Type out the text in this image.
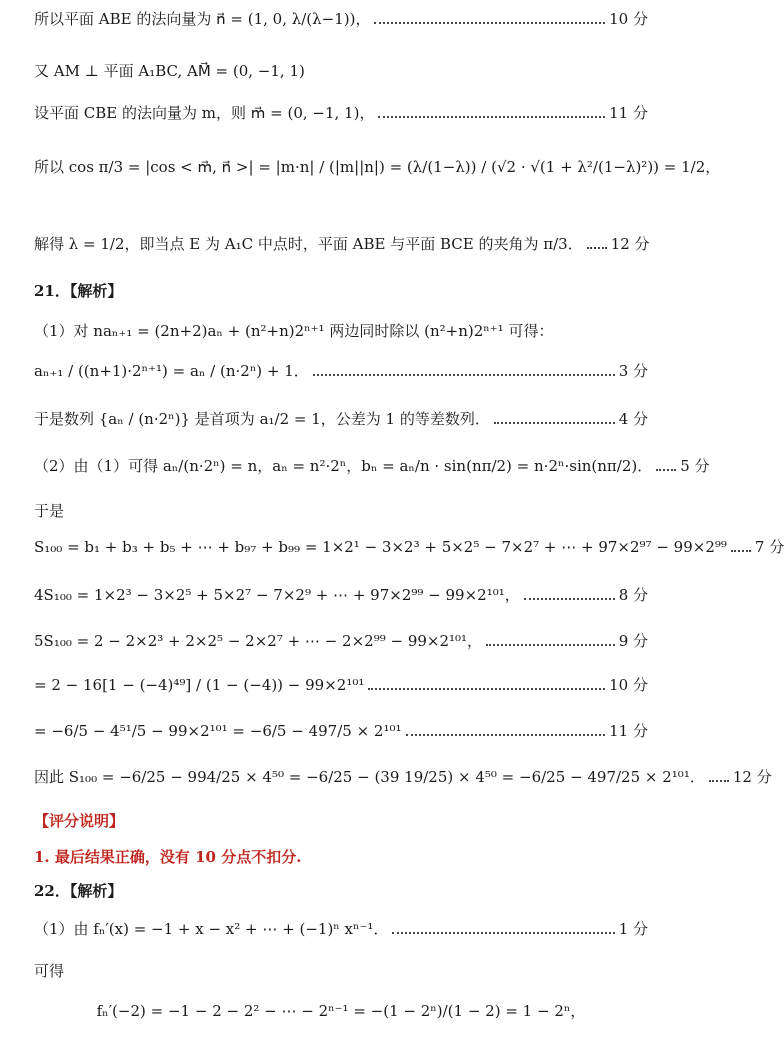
所以平面 ABE 的法向量为 n⃗ = (1, 0, λ/(λ−1))，	10 分
又 AM ⊥ 平面 A₁BC, AM⃗ = (0, −1, 1)
设平面 CBE 的法向量为 m，则 m⃗ = (0, −1, 1)，	11 分
所以 cos π/3 = |cos < m⃗, n⃗ >| = |m·n| / (|m||n|) = (λ/(1−λ)) / (√2 · √(1 + λ²/(1−λ)²)) = 1/2，
解得 λ = 1/2，即当点 E 为 A₁C 中点时，平面 ABE 与平面 BCE 的夹角为 π/3． 12 分
21．【解析】
（1）对 naₙ₊₁ = (2n+2)aₙ + (n²+n)2ⁿ⁺¹ 两边同时除以 (n²+n)2ⁿ⁺¹ 可得：
aₙ₊₁ / ((n+1)·2ⁿ⁺¹) = aₙ / (n·2ⁿ) + 1．	3 分
于是数列 {aₙ / (n·2ⁿ)} 是首项为 a₁/2 = 1，公差为 1 的等差数列．	4 分
（2）由（1）可得 aₙ/(n·2ⁿ) = n，aₙ = n²·2ⁿ，bₙ = aₙ/n · sin(nπ/2) = n·2ⁿ·sin(nπ/2)． 5 分
于是
S₁₀₀ = b₁ + b₃ + b₅ + ⋯ + b₉₇ + b₉₉ = 1×2¹ − 3×2³ + 5×2⁵ − 7×2⁷ + ⋯ + 97×2⁹⁷ − 99×2⁹⁹ 7 分
4S₁₀₀ = 1×2³ − 3×2⁵ + 5×2⁷ − 7×2⁹ + ⋯ + 97×2⁹⁹ − 99×2¹⁰¹，	8 分
5S₁₀₀ = 2 − 2×2³ + 2×2⁵ − 2×2⁷ + ⋯ − 2×2⁹⁹ − 99×2¹⁰¹，	9 分
= 2 − 16[1 − (−4)⁴⁹] / (1 − (−4)) − 99×2¹⁰¹	10 分
= −6/5 − 4⁵¹/5 − 99×2¹⁰¹ = −6/5 − 497/5 × 2¹⁰¹	11 分
因此 S₁₀₀ = −6/25 − 994/25 × 4⁵⁰ = −6/25 − (39 19/25) × 4⁵⁰ = −6/25 − 497/25 × 2¹⁰¹． 12 分
【评分说明】
1. 最后结果正确，没有 10 分点不扣分.
22．【解析】
（1）由 fₙ′(x) = −1 + x − x² + ⋯ + (−1)ⁿ xⁿ⁻¹．	1 分
可得
fₙ′(−2) = −1 − 2 − 2² − ⋯ − 2ⁿ⁻¹ = −(1 − 2ⁿ)/(1 − 2) = 1 − 2ⁿ，
